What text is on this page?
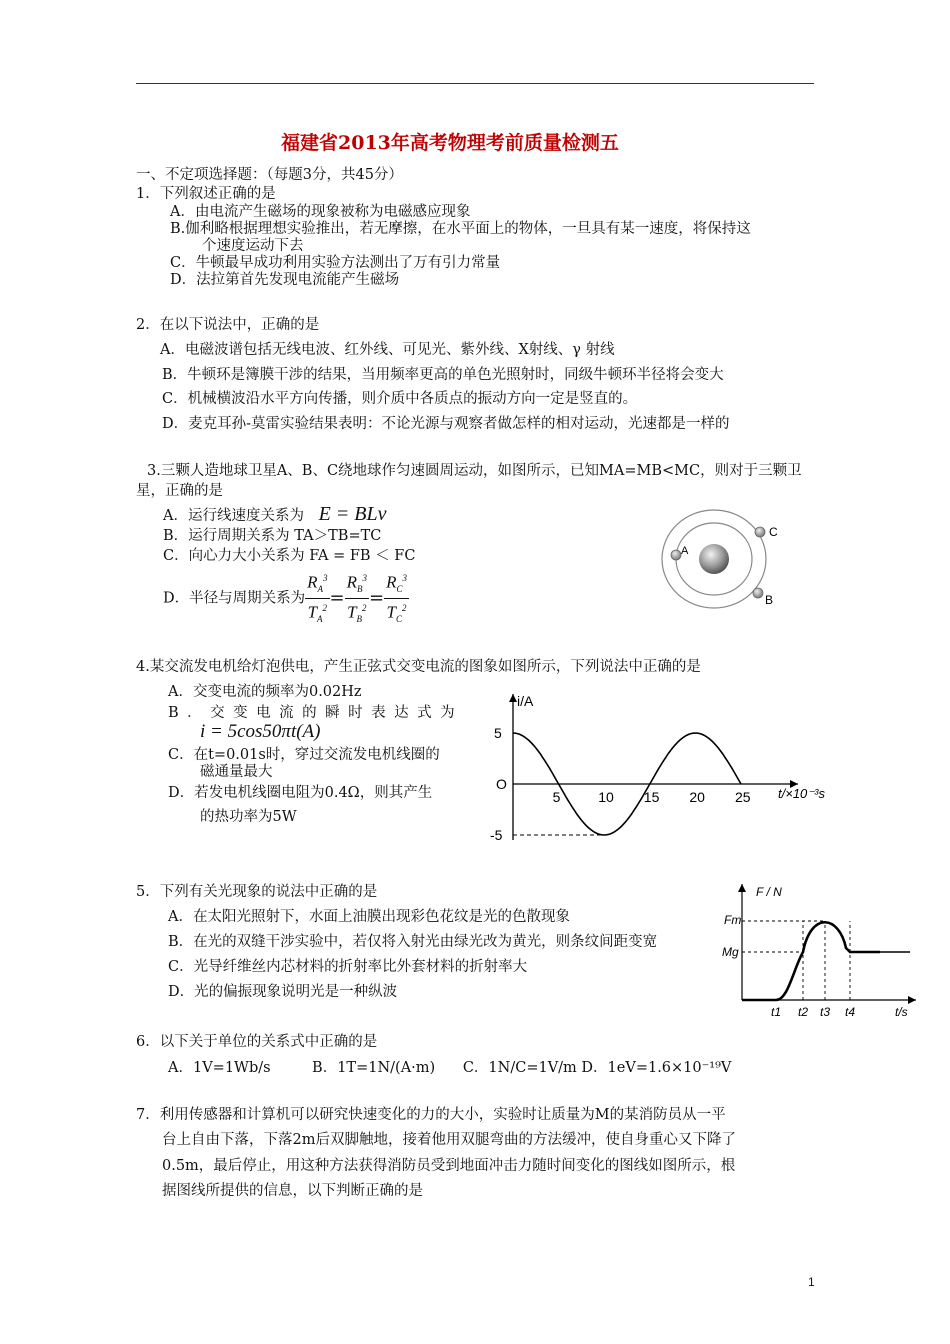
福建省2013年高考物理考前质量检测五
一、不定项选择题：（每题3分，共45分）
1．下列叙述正确的是
A．由电流产生磁场的现象被称为电磁感应现象
B.伽利略根据理想实验推出，若无摩擦，在水平面上的物体，一旦具有某一速度，将保持这
个速度运动下去
C．牛顿最早成功利用实验方法测出了万有引力常量
D．法拉第首先发现电流能产生磁场
2．在以下说法中，正确的是
A．电磁波谱包括无线电波、红外线、可见光、紫外线、X射线、γ 射线
B．牛顿环是簿膜干涉的结果，当用频率更高的单色光照射时，同级牛顿环半径将会变大
C．机械横波沿水平方向传播，则介质中各质点的振动方向一定是竖直的。
D．麦克耳孙-莫雷实验结果表明：不论光源与观察者做怎样的相对运动，光速都是一样的
3.三颗人造地球卫星A、B、C绕地球作匀速圆周运动，如图所示，已知MA=MB<MC，则对于三颗卫
星，正确的是
A．运行线速度关系为 E = BLv
B．运行周期关系为 TA＞TB=TC
C．向心力大小关系为 FA = FB ＜ FC
D．半径与周期关系为 $\frac{R_A^3}{T_A^2} = \frac{R_B^3}{T_B^2} = \frac{R_C^3}{T_C^2}$
A
C
B
4.某交流发电机给灯泡供电，产生正弦式交变电流的图象如图所示，下列说法中正确的是
A．交变电流的频率为0.02Hz
B．交变电流的瞬时表达式为
i = 5cos50πt(A)
C．在t=0.01s时，穿过交流发电机线圈的
磁通量最大
D．若发电机线圈电阻为0.4Ω，则其产生
的热功率为5W
5	10 15 20 25
5
O
-5
i/A
t/×10⁻³s
5．下列有关光现象的说法中正确的是
A．在太阳光照射下，水面上油膜出现彩色花纹是光的色散现象
B．在光的双缝干涉实验中，若仅将入射光由绿光改为黄光，则条纹间距变宽
C．光导纤维丝内芯材料的折射率比外套材料的折射率大
D．光的偏振现象说明光是一种纵波
F / N
Fm
Mg
t1 t2 t3 t4	t/s
6．以下关于单位的关系式中正确的是
A．1V=1Wb/s         B．1T=1N/(A·m)      C．1N/C=1V/m D．1eV=1.6×10⁻¹⁹V
7．利用传感器和计算机可以研究快速变化的力的大小，实验时让质量为M的某消防员从一平
台上自由下落，下落2m后双脚触地，接着他用双腿弯曲的方法缓冲，使自身重心又下降了
0.5m，最后停止，用这种方法获得消防员受到地面冲击力随时间变化的图线如图所示，根
据图线所提供的信息，以下判断正确的是
1
